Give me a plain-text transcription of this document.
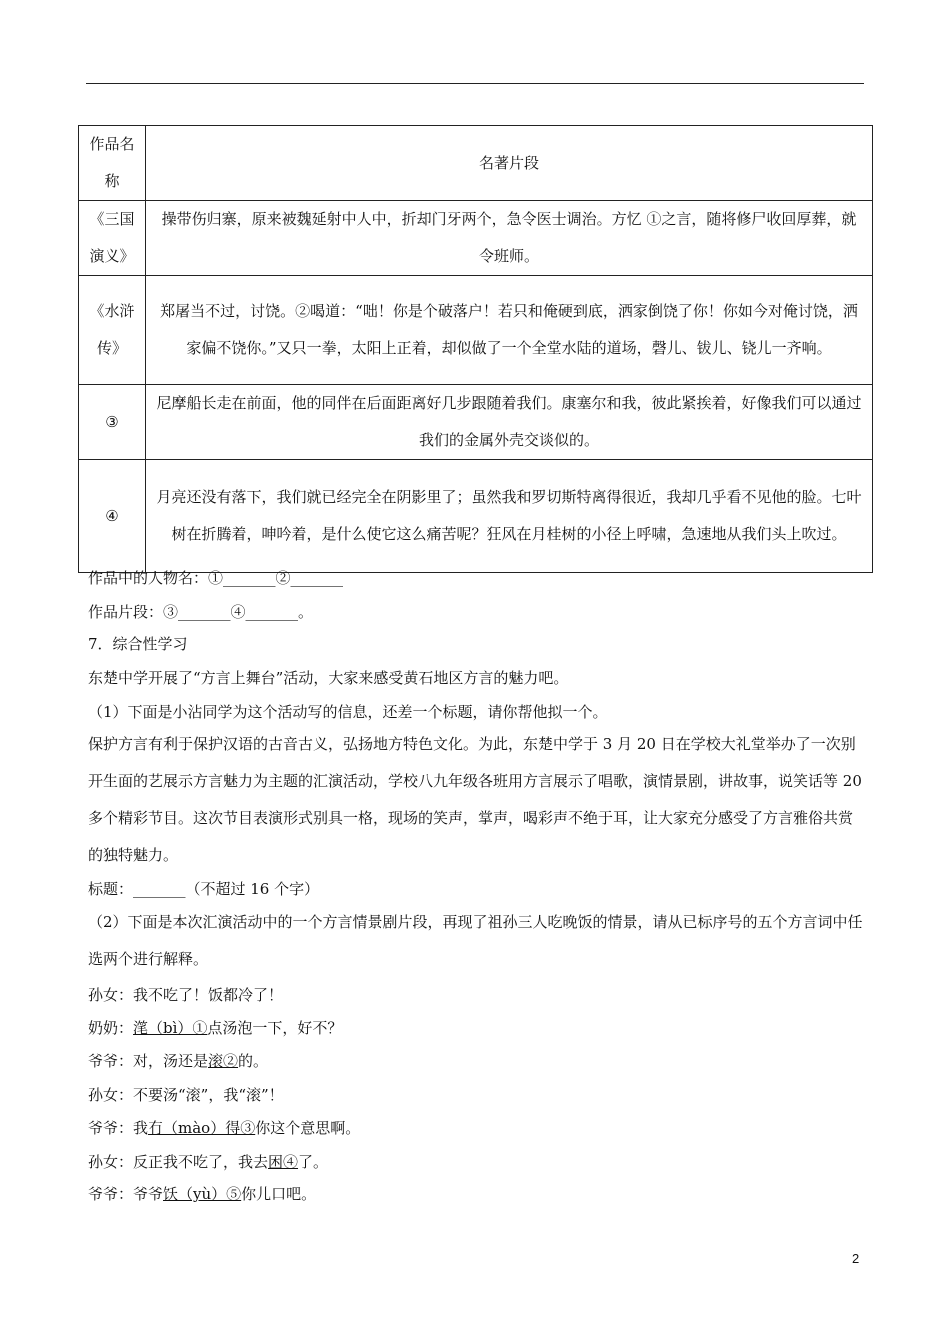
作品名称	名著片段
《三国演义》	操带伤归寨，原来被魏延射中人中，折却门牙两个，急令医士调治。方忆 ①之言，随将修尸收回厚葬，就令班师。
《水浒传》	郑屠当不过，讨饶。②喝道：“咄！你是个破落户！若只和俺硬到底，洒家倒饶了你！你如今对俺讨饶，洒家偏不饶你。”又只一拳，太阳上正着，却似做了一个全堂水陆的道场，磬儿、钹儿、铙儿一齐响。
③	尼摩船长走在前面，他的同伴在后面距离好几步跟随着我们。康塞尔和我，彼此紧挨着，好像我们可以通过我们的金属外壳交谈似的。
④	月亮还没有落下，我们就已经完全在阴影里了；虽然我和罗切斯特离得很近，我却几乎看不见他的脸。七叶树在折腾着，呻吟着，是什么使它这么痛苦呢？狂风在月桂树的小径上呼啸，急速地从我们头上吹过。
作品中的人物名：①_______②_______
作品片段：③_______④_______。
7．综合性学习
东楚中学开展了“方言上舞台”活动，大家来感受黄石地区方言的魅力吧。
（1）下面是小沾同学为这个活动写的信息，还差一个标题，请你帮他拟一个。
保护方言有利于保护汉语的古音古义，弘扬地方特色文化。为此，东楚中学于 3 月 20 日在学校大礼堂举办了一次别开生面的艺展示方言魅力为主题的汇演活动，学校八九年级各班用方言展示了唱歌，演情景剧，讲故事，说笑话等 20 多个精彩节目。这次节目表演形式别具一格，现场的笑声，掌声，喝彩声不绝于耳，让大家充分感受了方言雅俗共赏的独特魅力。
标题：_______（不超过 16 个字）
（2）下面是本次汇演活动中的一个方言情景剧片段，再现了祖孙三人吃晚饭的情景，请从已标序号的五个方言词中任选两个进行解释。
孙女：我不吃了！饭都冷了！
奶奶：滗（bì）①点汤泡一下，好不？
爷爷：对，汤还是滚②的。
孙女：不要汤“滚”，我“滚”！
爷爷：我冇（mào）得③你这个意思啊。
孙女：反正我不吃了，我去困④了。
爷爷：爷爷饫（yù）⑤你儿口吧。
2
